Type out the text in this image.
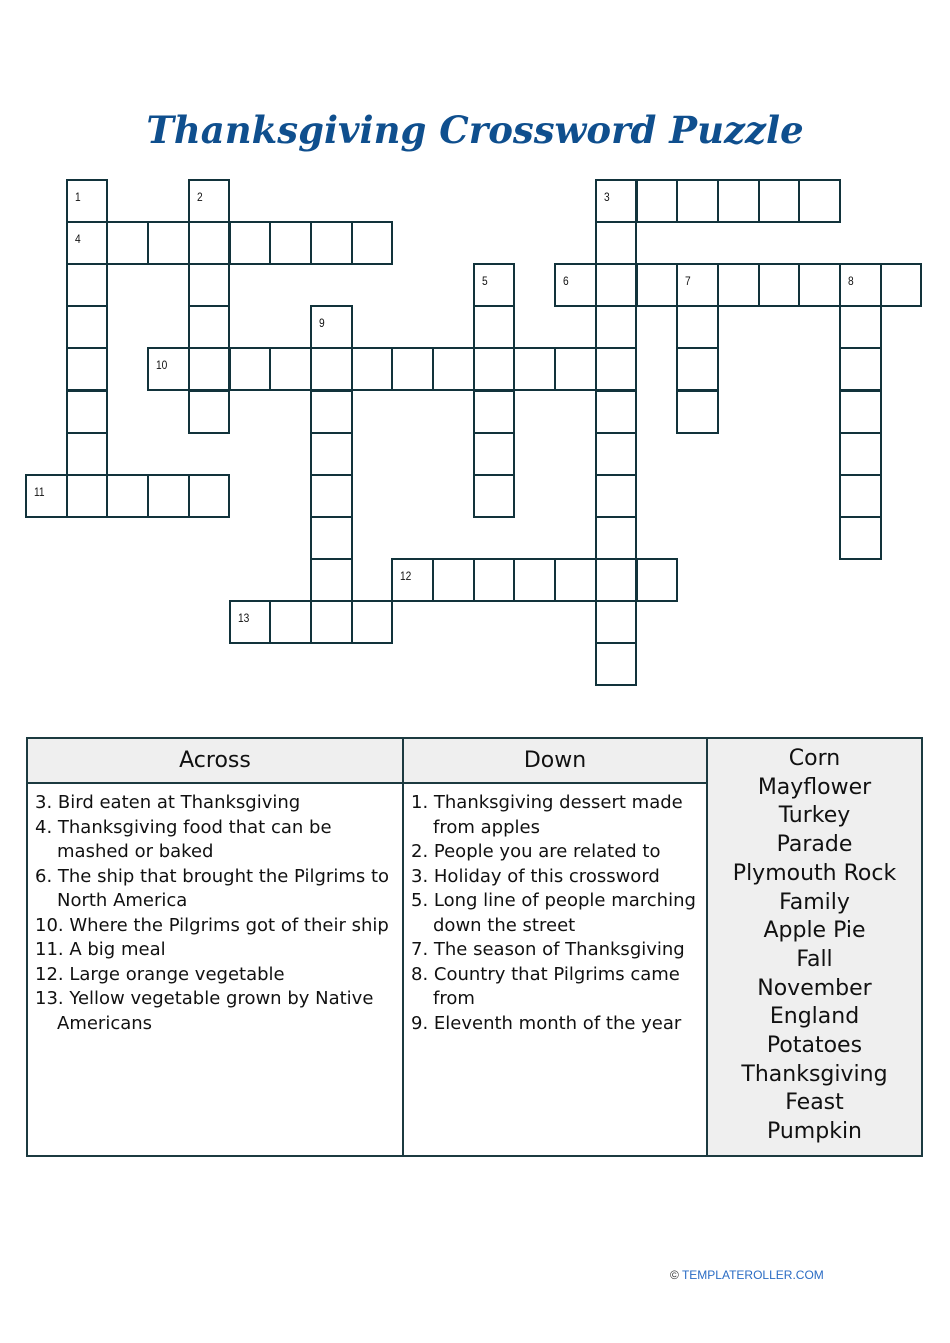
Thanksgiving Crossword Puzzle
1	2	3
4
5	6	7	8
9
10
11
12
13
Across
3. Bird eaten at Thanksgiving
4. Thanksgiving food that can be mashed or baked
6. The ship that brought the Pilgrims to North America
10. Where the Pilgrims got of their ship
11. A big meal
12. Large orange vegetable
13. Yellow vegetable grown by Native Americans
Down
1. Thanksgiving dessert made from apples
2. People you are related to
3. Holiday of this crossword
5. Long line of people marching down the street
7. The season of Thanksgiving
8. Country that Pilgrims came from
9. Eleventh month of the year
Corn
Mayflower
Turkey
Parade
Plymouth Rock
Family
Apple Pie
Fall
November
England
Potatoes
Thanksgiving
Feast
Pumpkin
© TEMPLATEROLLER.COM
